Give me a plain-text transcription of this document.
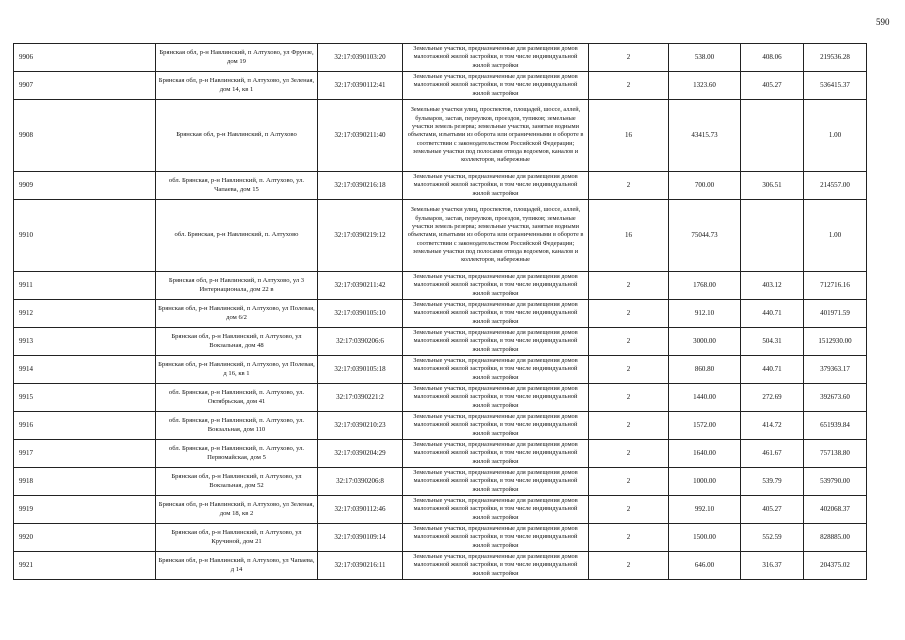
590
9906	Брянская обл, р-н Навлинский, п Алтухово, ул Фрунзе, дом 19	32:17:0390103:20	Земельные участки, предназначенные для размещения домов малоэтажной жилой застройки, в том числе индивидуальной жилой застройки	2	538.00	408.06	219536.28
9907	Брянская обл, р-н Навлинский, п Алтухово, ул Зеленая, дом 14, кв 1	32:17:0390112:41	Земельные участки, предназначенные для размещения домов малоэтажной жилой застройки, в том числе индивидуальной жилой застройки	2	1323.60	405.27	536415.37
9908	Брянская обл, р-н Навлинский, п Алтухово	32:17:0390211:40	Земельные участки улиц, проспектов, площадей, шоссе, аллей, бульваров, застав, переулков, проездов, тупиков; земельные участки земель резерва; земельные участки, занятые водными объектами, изъятыми из оборота или ограниченными в обороте в соответствии с законодательством Российской Федерации; земельные участки под полосами отвода водоемов, каналов и коллекторов, набережные	16	43415.73		1.00
9909	обл. Брянская, р-н Навлинский, п. Алтухово, ул. Чапаева, дом 15	32:17:0390216:18	Земельные участки, предназначенные для размещения домов малоэтажной жилой застройки, в том числе индивидуальной жилой застройки	2	700.00	306.51	214557.00
9910	обл. Брянская, р-н Навлинский, п. Алтухово	32:17:0390219:12	Земельные участки улиц, проспектов, площадей, шоссе, аллей, бульваров, застав, переулков, проездов, тупиков; земельные участки земель резерва; земельные участки, занятые водными объектами, изъятыми из оборота или ограниченными в обороте в соответствии с законодательством Российской Федерации; земельные участки под полосами отвода водоемов, каналов и коллекторов, набережные	16	75044.73		1.00
9911	Брянская обл, р-н Навлинский, п Алтухово, ул 3 Интернационала, дом 22 в	32:17:0390211:42	Земельные участки, предназначенные для размещения домов малоэтажной жилой застройки, в том числе индивидуальной жилой застройки	2	1768.00	403.12	712716.16
9912	Брянская обл, р-н Навлинский, п Алтухово, ул Полевая, дом 6/2	32:17:0390105:10	Земельные участки, предназначенные для размещения домов малоэтажной жилой застройки, в том числе индивидуальной жилой застройки	2	912.10	440.71	401971.59
9913	Брянская обл, р-н Навлинский, п Алтухово, ул Вокзальная, дом 48	32:17:0390206:6	Земельные участки, предназначенные для размещения домов малоэтажной жилой застройки, в том числе индивидуальной жилой застройки	2	3000.00	504.31	1512930.00
9914	Брянская обл, р-н Навлинский, п Алтухово, ул Полевая, д 16, кв 1	32:17:0390105:18	Земельные участки, предназначенные для размещения домов малоэтажной жилой застройки, в том числе индивидуальной жилой застройки	2	860.80	440.71	379363.17
9915	обл. Брянская, р-н Навлинский, п. Алтухово, ул. Октябрьская, дом 41	32:17:0390221:2	Земельные участки, предназначенные для размещения домов малоэтажной жилой застройки, в том числе индивидуальной жилой застройки	2	1440.00	272.69	392673.60
9916	обл. Брянская, р-н Навлинский, п. Алтухово, ул. Вокзальная, дом 110	32:17:0390210:23	Земельные участки, предназначенные для размещения домов малоэтажной жилой застройки, в том числе индивидуальной жилой застройки	2	1572.00	414.72	651939.84
9917	обл. Брянская, р-н Навлинский, п. Алтухово, ул. Первомайская, дом 5	32:17:0390204:29	Земельные участки, предназначенные для размещения домов малоэтажной жилой застройки, в том числе индивидуальной жилой застройки	2	1640.00	461.67	757138.80
9918	Брянская обл, р-н Навлинский, п Алтухово, ул Вокзальная, дом 52	32:17:0390206:8	Земельные участки, предназначенные для размещения домов малоэтажной жилой застройки, в том числе индивидуальной жилой застройки	2	1000.00	539.79	539790.00
9919	Брянская обл, р-н Навлинский, п Алтухово, ул Зеленая, дом 18, кв 2	32:17:0390112:46	Земельные участки, предназначенные для размещения домов малоэтажной жилой застройки, в том числе индивидуальной жилой застройки	2	992.10	405.27	402068.37
9920	Брянская обл, р-н Навлинский, п Алтухово, ул Кручиной, дом 21	32:17:0390109:14	Земельные участки, предназначенные для размещения домов малоэтажной жилой застройки, в том числе индивидуальной жилой застройки	2	1500.00	552.59	828885.00
9921	Брянская обл, р-н Навлинский, п Алтухово, ул Чапаева, д 14	32:17:0390216:11	Земельные участки, предназначенные для размещения домов малоэтажной жилой застройки, в том числе индивидуальной жилой застройки	2	646.00	316.37	204375.02
